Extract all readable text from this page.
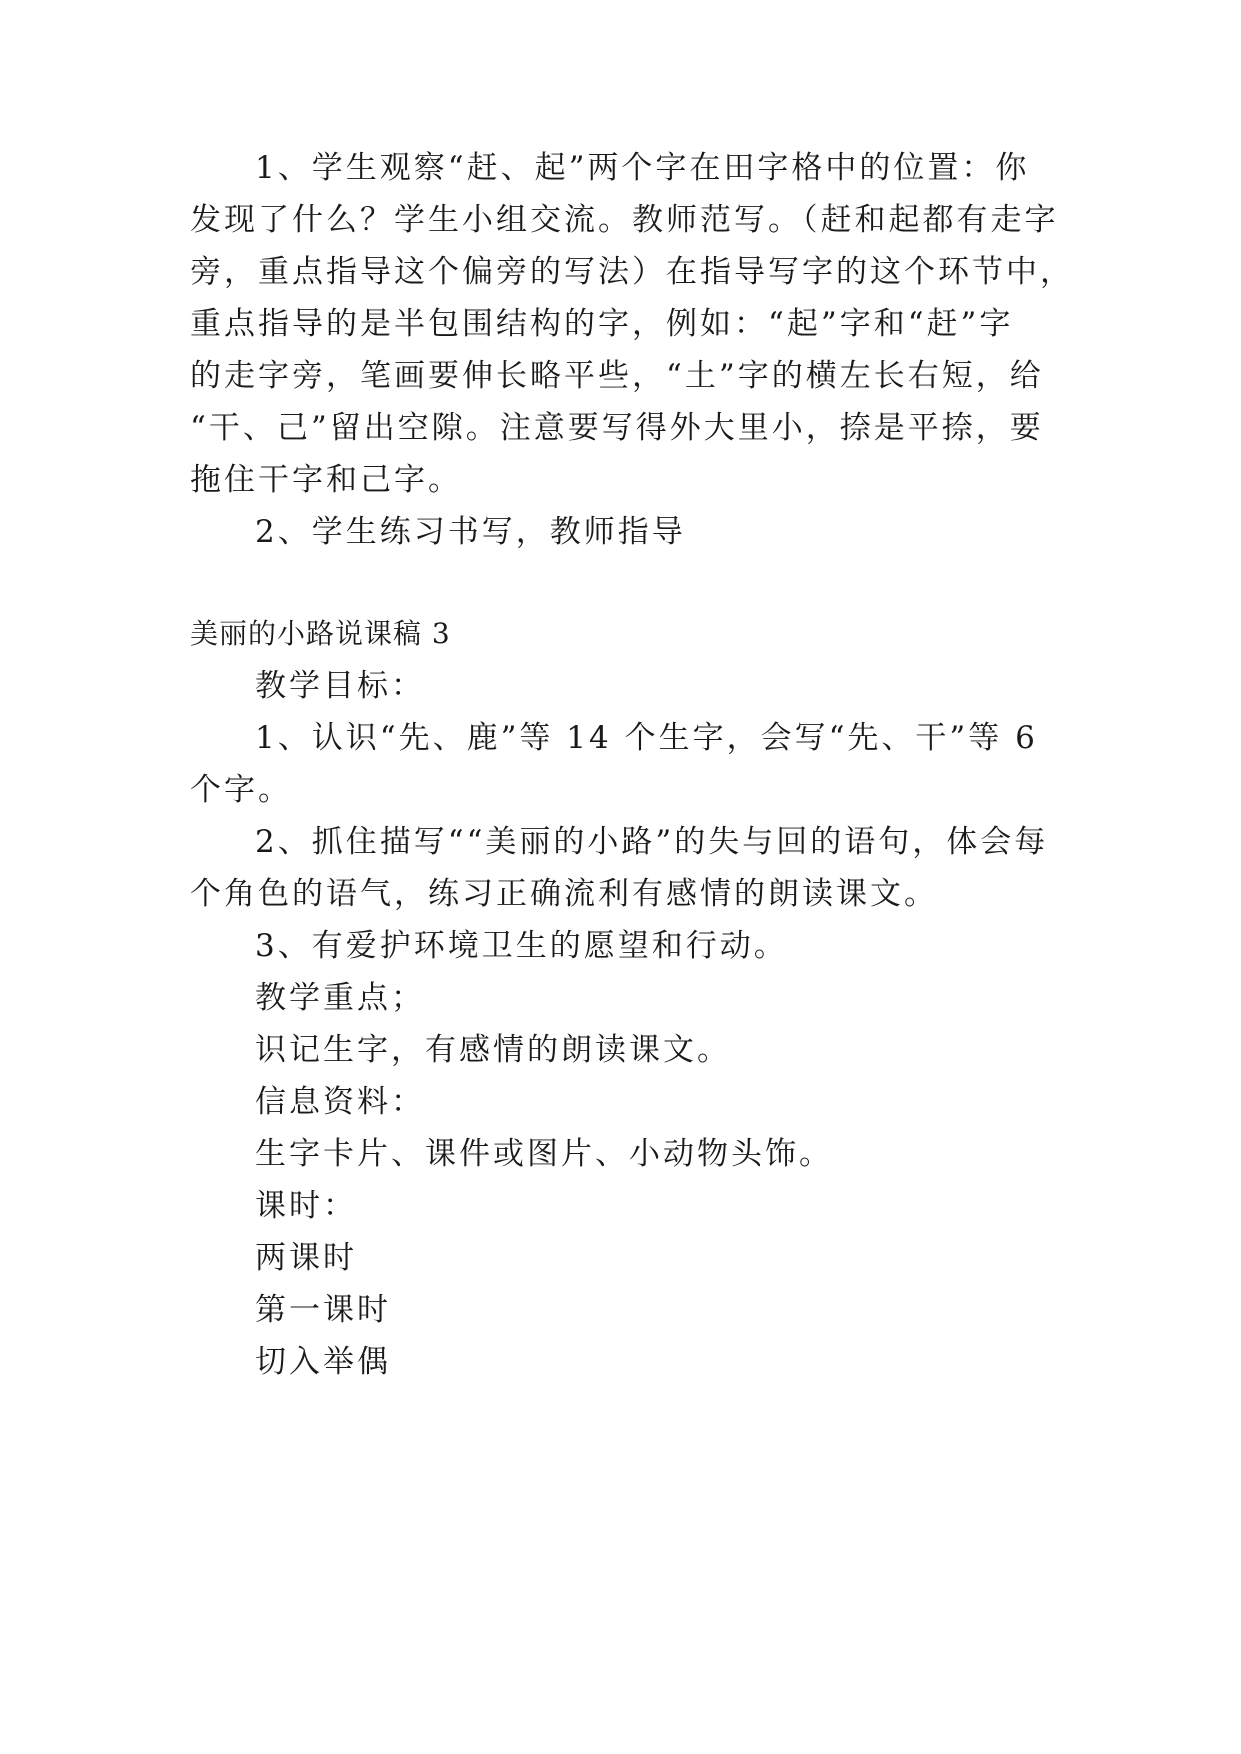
1、学生观察“赶、起”两个字在田字格中的位置：你
发现了什么？学生小组交流。教师范写。（赶和起都有走字
旁，重点指导这个偏旁的写法）在指导写字的这个环节中，
重点指导的是半包围结构的字，例如：“起”字和“赶”字
的走字旁，笔画要伸长略平些，“土”字的横左长右短，给
“干、己”留出空隙。注意要写得外大里小，捺是平捺，要
拖住干字和己字。
2、学生练习书写，教师指导
美丽的小路说课稿 3
教学目标：
1、认识“先、鹿”等 14 个生字，会写“先、干”等 6
个字。
2、抓住描写““美丽的小路”的失与回的语句，体会每
个角色的语气，练习正确流利有感情的朗读课文。
3、有爱护环境卫生的愿望和行动。
教学重点；
识记生字，有感情的朗读课文。
信息资料：
生字卡片、课件或图片、小动物头饰。
课时：
两课时
第一课时
切入举偶
